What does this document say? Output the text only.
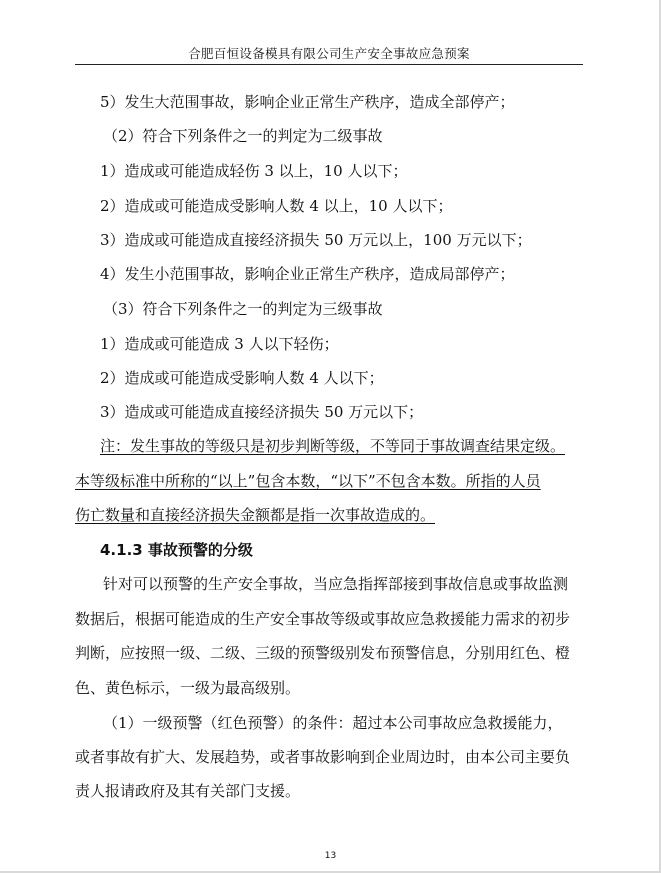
合肥百恒设备模具有限公司生产安全事故应急预案
5）发生大范围事故，影响企业正常生产秩序，造成全部停产；
（2）符合下列条件之一的判定为二级事故
1）造成或可能造成轻伤 3 以上，10 人以下；
2）造成或可能造成受影响人数 4 以上，10 人以下；
3）造成或可能造成直接经济损失 50 万元以上，100 万元以下；
4）发生小范围事故，影响企业正常生产秩序，造成局部停产；
（3）符合下列条件之一的判定为三级事故
1）造成或可能造成 3 人以下轻伤；
2）造成或可能造成受影响人数 4 人以下；
3）造成或可能造成直接经济损失 50 万元以下；
注：发生事故的等级只是初步判断等级，不等同于事故调查结果定级。
本等级标准中所称的“以上”包含本数，“以下”不包含本数。所指的人员
伤亡数量和直接经济损失金额都是指一次事故造成的。
4.1.3 事故预警的分级
针对可以预警的生产安全事故，当应急指挥部接到事故信息或事故监测
数据后，根据可能造成的生产安全事故等级或事故应急救援能力需求的初步
判断，应按照一级、二级、三级的预警级别发布预警信息，分别用红色、橙
色、黄色标示，一级为最高级别。
（1）一级预警（红色预警）的条件：超过本公司事故应急救援能力，
或者事故有扩大、发展趋势，或者事故影响到企业周边时，由本公司主要负
责人报请政府及其有关部门支援。
13
